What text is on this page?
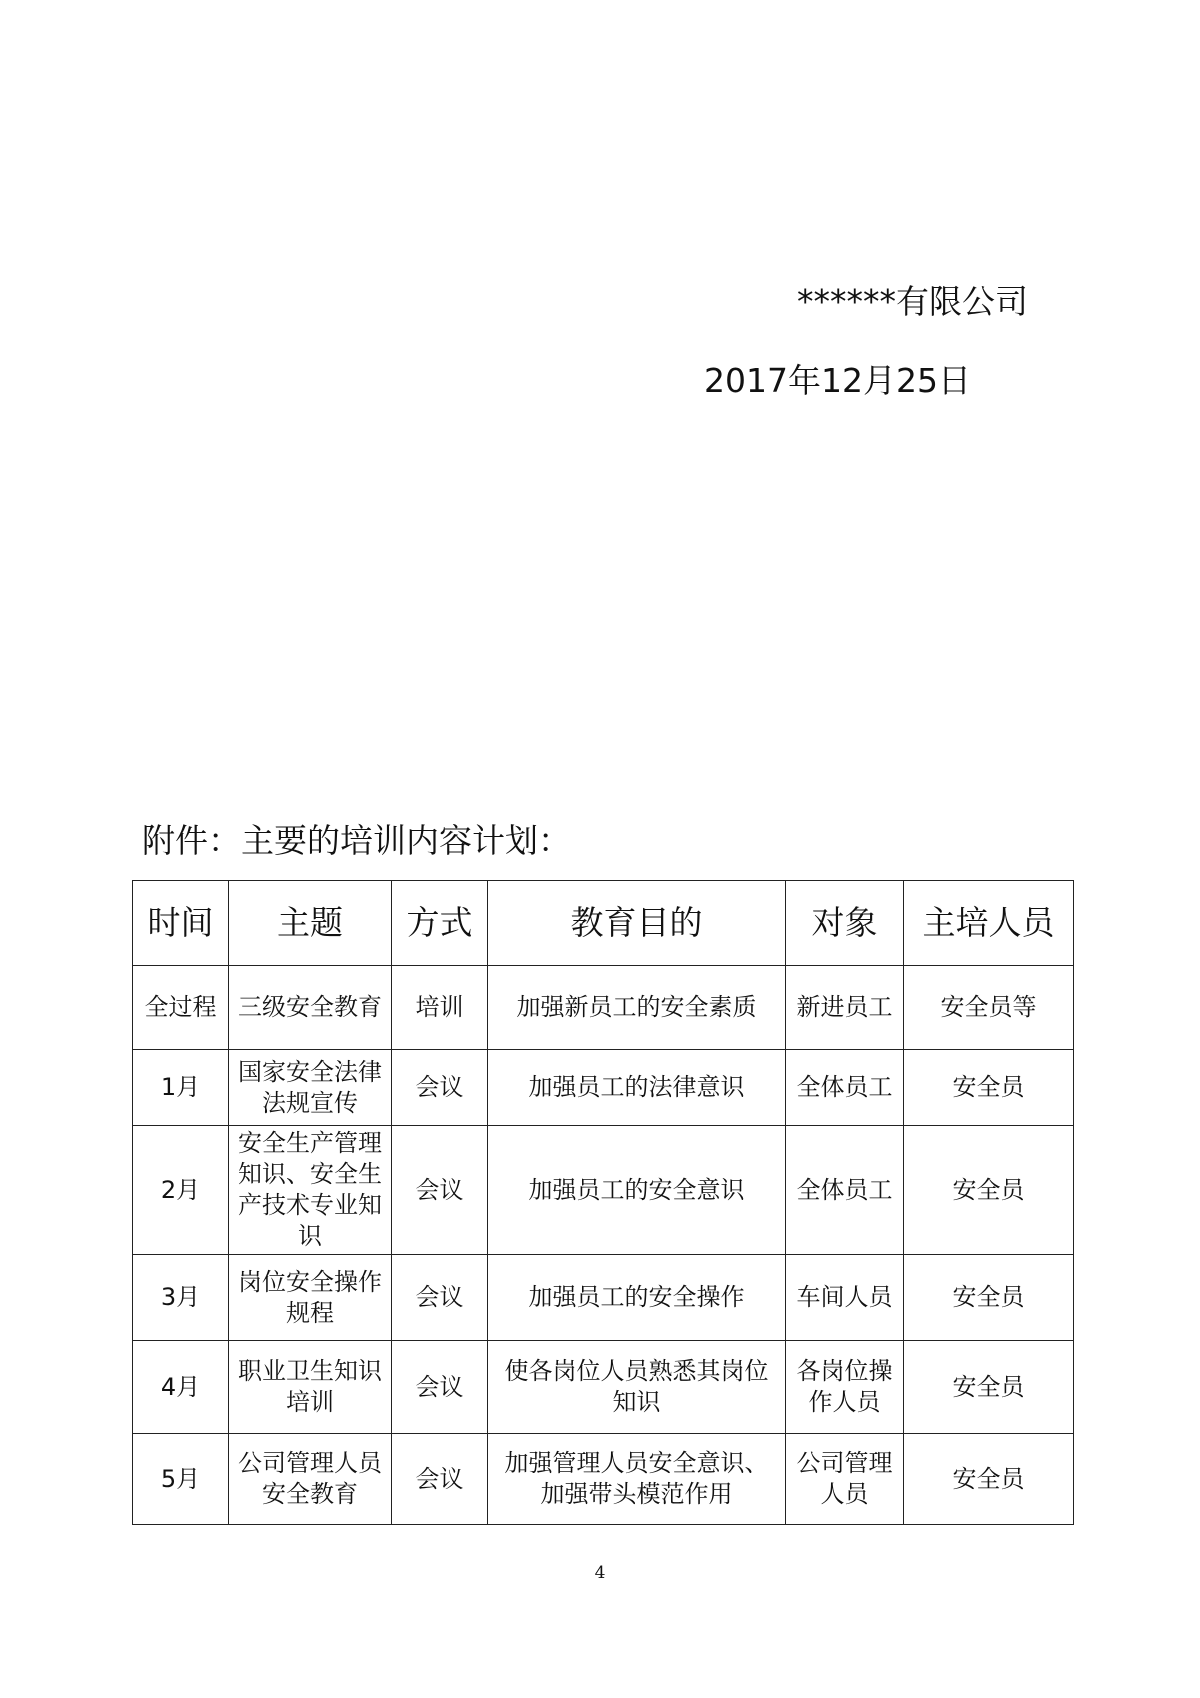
******有限公司
2017年12月25日
附件：主要的培训内容计划：
时间	主题	方式	教育目的	对象	主培人员
全过程	三级安全教育	培训	加强新员工的安全素质	新进员工	安全员等
1月	国家安全法律法规宣传	会议	加强员工的法律意识	全体员工	安全员
2月	安全生产管理知识、安全生产技术专业知识	会议	加强员工的安全意识	全体员工	安全员
3月	岗位安全操作规程	会议	加强员工的安全操作	车间人员	安全员
4月	职业卫生知识培训	会议	使各岗位人员熟悉其岗位知识	各岗位操作人员	安全员
5月	公司管理人员安全教育	会议	加强管理人员安全意识、加强带头模范作用	公司管理人员	安全员
4
